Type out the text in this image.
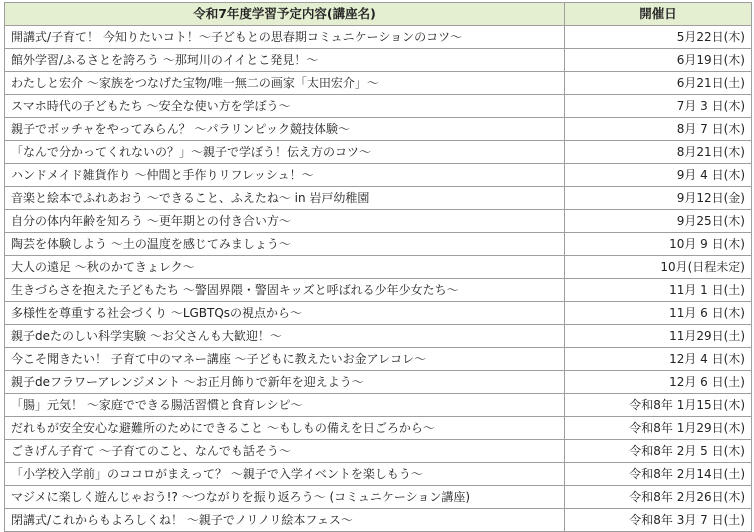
令和7年度学習予定内容(講座名)	開催日
開講式/子育て！ 今知りたいコト！～子どもとの思春期コミュニケーションのコツ～	5月22日(木)
館外学習/ふるさとを誇ろう ～那珂川のイイとこ発見！～	6月19日(木)
わたしと宏介 ～家族をつなげた宝物/唯一無二の画家「太田宏介」～	6月21日(土)
スマホ時代の子どもたち ～安全な使い方を学ぼう～	7月 3 日(木)
親子でボッチャをやってみらん？ ～パラリンピック競技体験～	8月 7 日(木)
「なんで分かってくれないの？」～親子で学ぼう！伝え方のコツ～	8月21日(木)
ハンドメイド雑貨作り ～仲間と手作りリフレッシュ！～	9月 4 日(木)
音楽と絵本でふれあおう ～できること、ふえたね～ in 岩戸幼稚園	9月12日(金)
自分の体内年齢を知ろう ～更年期との付き合い方～	9月25日(木)
陶芸を体験しよう ～土の温度を感じてみましょう～	10月 9 日(木)
大人の遠足 ～秋のかてきょレク～	10月(日程未定)
生きづらさを抱えた子どもたち ～警固界隈・警固キッズと呼ばれる少年少女たち～	11月 1 日(土)
多様性を尊重する社会づくり ～LGBTQsの視点から～	11月 6 日(木)
親子deたのしい科学実験 ～お父さんも大歓迎！～	11月29日(土)
今こそ聞きたい！ 子育て中のマネー講座 ～子どもに教えたいお金アレコレ～	12月 4 日(木)
親子deフラワーアレンジメント ～お正月飾りで新年を迎えよう～	12月 6 日(土)
「腸」元気！ ～家庭でできる腸活習慣と食育レシピ～	令和8年 1月15日(木)
だれもが安全安心な避難所のためにできること ～もしもの備えを日ごろから～	令和8年 1月29日(木)
ごきげん子育て ～子育てのこと、なんでも話そう～	令和8年 2月 5 日(木)
「小学校入学前」のココロがまえって？ ～親子で入学イベントを楽しもう～	令和8年 2月14日(土)
マジメに楽しく遊んじゃおう!? ～つながりを振り返ろう～ (コミュニケーション講座)	令和8年 2月26日(木)
閉講式/これからもよろしくね！ ～親子でノリノリ絵本フェス～	令和8年 3月 7 日(土)
